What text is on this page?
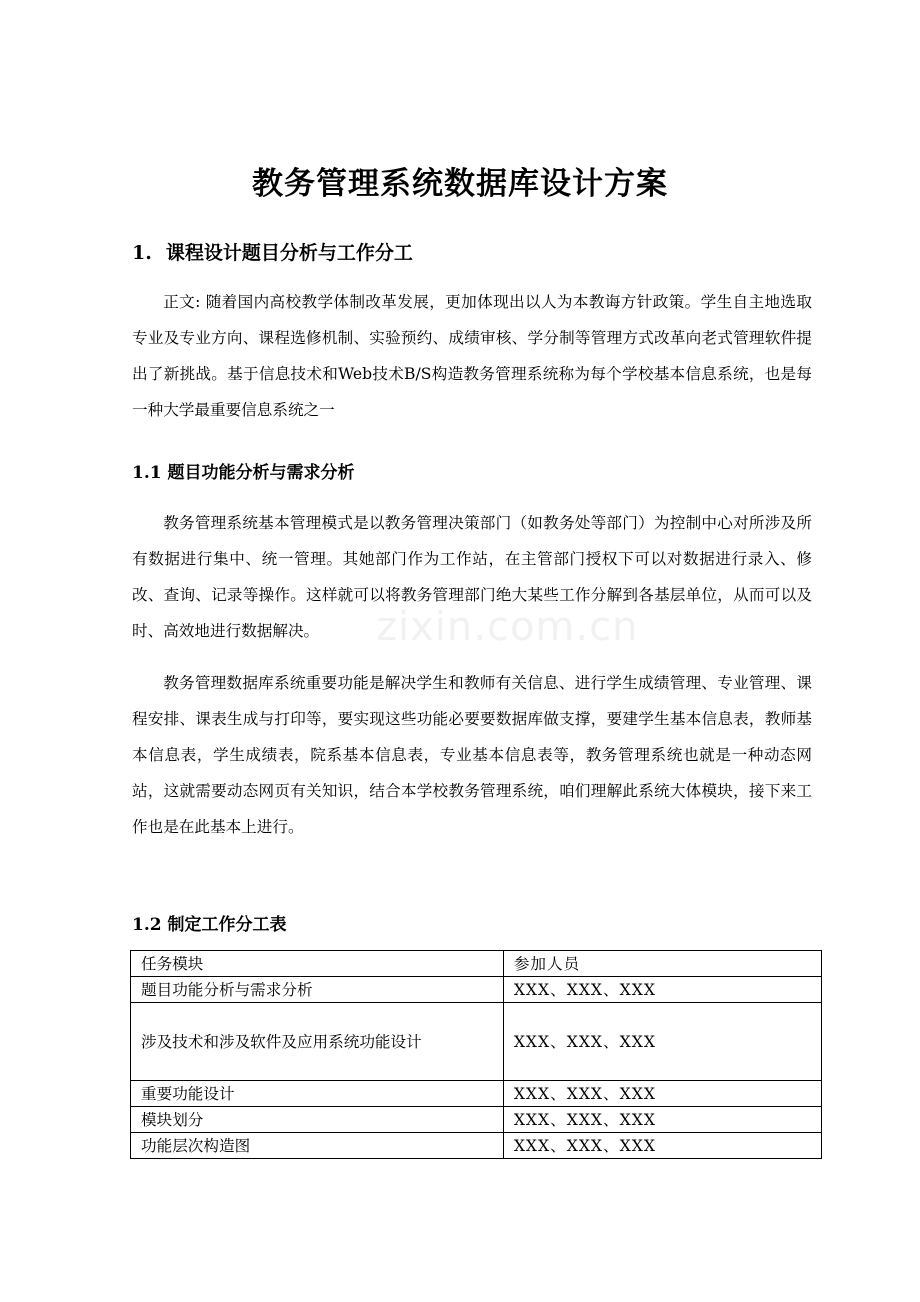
教务管理系统数据库设计方案
1. 课程设计题目分析与工作分工

正文: 随着国内高校教学体制改革发展，更加体现出以人为本教诲方针政策。学生自主地选取专业及专业方向、课程选修机制、实验预约、成绩审核、学分制等管理方式改革向老式管理软件提出了新挑战。基于信息技术和Web技术B/S构造教务管理系统称为每个学校基本信息系统，也是每一种大学最重要信息系统之一

1.1 题目功能分析与需求分析

教务管理系统基本管理模式是以教务管理决策部门（如教务处等部门）为控制中心对所涉及所有数据进行集中、统一管理。其她部门作为工作站，在主管部门授权下可以对数据进行录入、修改、查询、记录等操作。这样就可以将教务管理部门绝大某些工作分解到各基层单位，从而可以及时、高效地进行数据解决。

教务管理数据库系统重要功能是解决学生和教师有关信息、进行学生成绩管理、专业管理、课程安排、课表生成与打印等，要实现这些功能必要要数据库做支撑，要建学生基本信息表，教师基本信息表，学生成绩表，院系基本信息表，专业基本信息表等，教务管理系统也就是一种动态网站，这就需要动态网页有关知识，结合本学校教务管理系统，咱们理解此系统大体模块，接下来工作也是在此基本上进行。

1.2 制定工作分工表
任务模块	参加人员
题目功能分析与需求分析	XXX、XXX、XXX
涉及技术和涉及软件及应用系统功能设计	XXX、XXX、XXX
重要功能设计	XXX、XXX、XXX
模块划分	XXX、XXX、XXX
功能层次构造图	XXX、XXX、XXX
zixin.com.cn
